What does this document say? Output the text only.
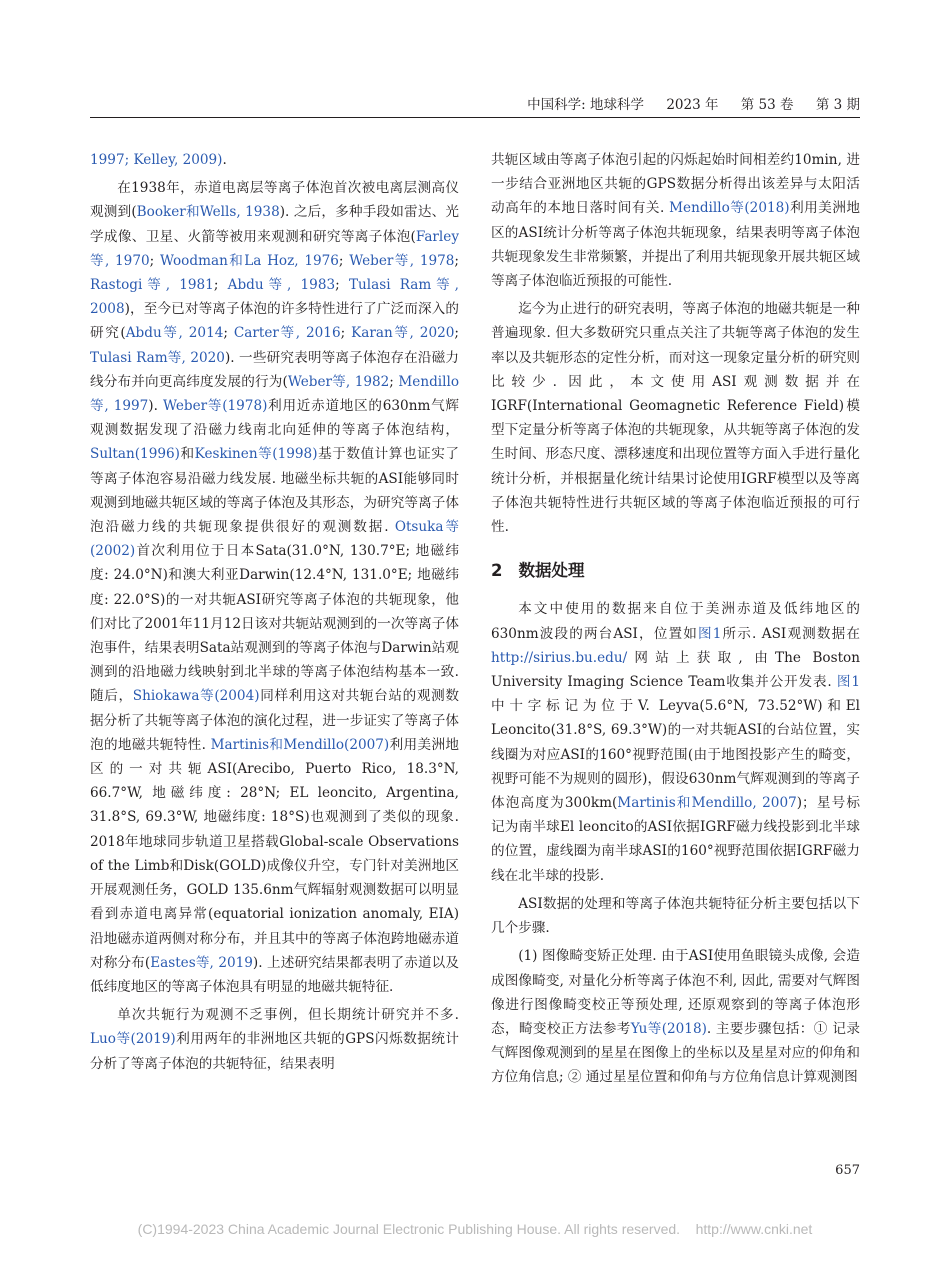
中国科学: 地球科学 2023 年 第 53 卷 第 3 期

1997; Kelley, 2009).

在1938年，赤道电离层等离子体泡首次被电离层测高仪观测到(Booker和Wells, 1938). 之后，多种手段如雷达、光学成像、卫星、火箭等被用来观测和研究等离子体泡(Farley等, 1970; Woodman和La Hoz, 1976; Weber等, 1978; Rastogi等, 1981; Abdu等, 1983; Tulasi Ram等, 2008)，至今已对等离子体泡的许多特性进行了广泛而深入的研究(Abdu等, 2014; Carter等, 2016; Karan等, 2020; Tulasi Ram等, 2020). 一些研究表明等离子体泡存在沿磁力线分布并向更高纬度发展的行为(Weber等, 1982; Mendillo等, 1997). Weber等(1978)利用近赤道地区的630nm气辉观测数据发现了沿磁力线南北向延伸的等离子体泡结构，Sultan(1996)和Keskinen等(1998)基于数值计算也证实了等离子体泡容易沿磁力线发展. 地磁坐标共轭的ASI能够同时观测到地磁共轭区域的等离子体泡及其形态，为研究等离子体泡沿磁力线的共轭现象提供很好的观测数据. Otsuka等(2002)首次利用位于日本Sata(31.0°N, 130.7°E; 地磁纬度: 24.0°N)和澳大利亚Darwin(12.4°N, 131.0°E; 地磁纬度: 22.0°S)的一对共轭ASI研究等离子体泡的共轭现象，他们对比了2001年11月12日该对共轭站观测到的一次等离子体泡事件，结果表明Sata站观测到的等离子体泡与Darwin站观测到的沿地磁力线映射到北半球的等离子体泡结构基本一致. 随后，Shiokawa等(2004)同样利用这对共轭台站的观测数据分析了共轭等离子体泡的演化过程，进一步证实了等离子体泡的地磁共轭特性. Martinis和Mendillo(2007)利用美洲地区的一对共轭ASI(Arecibo, Puerto Rico, 18.3°N, 66.7°W, 地磁纬度: 28°N; EL leoncito, Argentina, 31.8°S, 69.3°W, 地磁纬度: 18°S)也观测到了类似的现象. 2018年地球同步轨道卫星搭载Global-scale Observations of the Limb和Disk(GOLD)成像仪升空，专门针对美洲地区开展观测任务，GOLD 135.6nm气辉辐射观测数据可以明显看到赤道电离异常(equatorial ionization anomaly, EIA)沿地磁赤道两侧对称分布，并且其中的等离子体泡跨地磁赤道对称分布(Eastes等, 2019). 上述研究结果都表明了赤道以及低纬度地区的等离子体泡具有明显的地磁共轭特征.

单次共轭行为观测不乏事例，但长期统计研究并不多. Luo等(2019)利用两年的非洲地区共轭的GPS闪烁数据统计分析了等离子体泡的共轭特征，结果表明

共轭区域由等离子体泡引起的闪烁起始时间相差约10min, 进一步结合亚洲地区共轭的GPS数据分析得出该差异与太阳活动高年的本地日落时间有关. Mendillo等(2018)利用美洲地区的ASI统计分析等离子体泡共轭现象，结果表明等离子体泡共轭现象发生非常频繁，并提出了利用共轭现象开展共轭区域等离子体泡临近预报的可能性.

迄今为止进行的研究表明，等离子体泡的地磁共轭是一种普遍现象. 但大多数研究只重点关注了共轭等离子体泡的发生率以及共轭形态的定性分析，而对这一现象定量分析的研究则比较少. 因此，本文使用ASI观测数据并在IGRF(International Geomagnetic Reference Field)模型下定量分析等离子体泡的共轭现象，从共轭等离子体泡的发生时间、形态尺度、漂移速度和出现位置等方面入手进行量化统计分析，并根据量化统计结果讨论使用IGRF模型以及等离子体泡共轭特性进行共轭区域的等离子体泡临近预报的可行性.

2 数据处理

本文中使用的数据来自位于美洲赤道及低纬地区的630nm波段的两台ASI，位置如图1所示. ASI观测数据在http://sirius.bu.edu/网站上获取, 由The Boston University Imaging Science Team收集并公开发表. 图1中十字标记为位于V. Leyva(5.6°N, 73.52°W)和El Leoncito(31.8°S, 69.3°W)的一对共轭ASI的台站位置，实线圈为对应ASI的160°视野范围(由于地图投影产生的畸变，视野可能不为规则的圆形)，假设630nm气辉观测到的等离子体泡高度为300km(Martinis和Mendillo, 2007)；星号标记为南半球El leoncito的ASI依据IGRF磁力线投影到北半球的位置，虚线圈为南半球ASI的160°视野范围依据IGRF磁力线在北半球的投影.

ASI数据的处理和等离子体泡共轭特征分析主要包括以下几个步骤.

(1) 图像畸变矫正处理. 由于ASI使用鱼眼镜头成像, 会造成图像畸变, 对量化分析等离子体泡不利, 因此, 需要对气辉图像进行图像畸变校正等预处理, 还原观察到的等离子体泡形态，畸变校正方法参考Yu等(2018). 主要步骤包括：① 记录气辉图像观测到的星星在图像上的坐标以及星星对应的仰角和方位角信息; ② 通过星星位置和仰角与方位角信息计算观测图

657
(C)1994-2023 China Academic Journal Electronic Publishing House. All rights reserved. http://www.cnki.net
